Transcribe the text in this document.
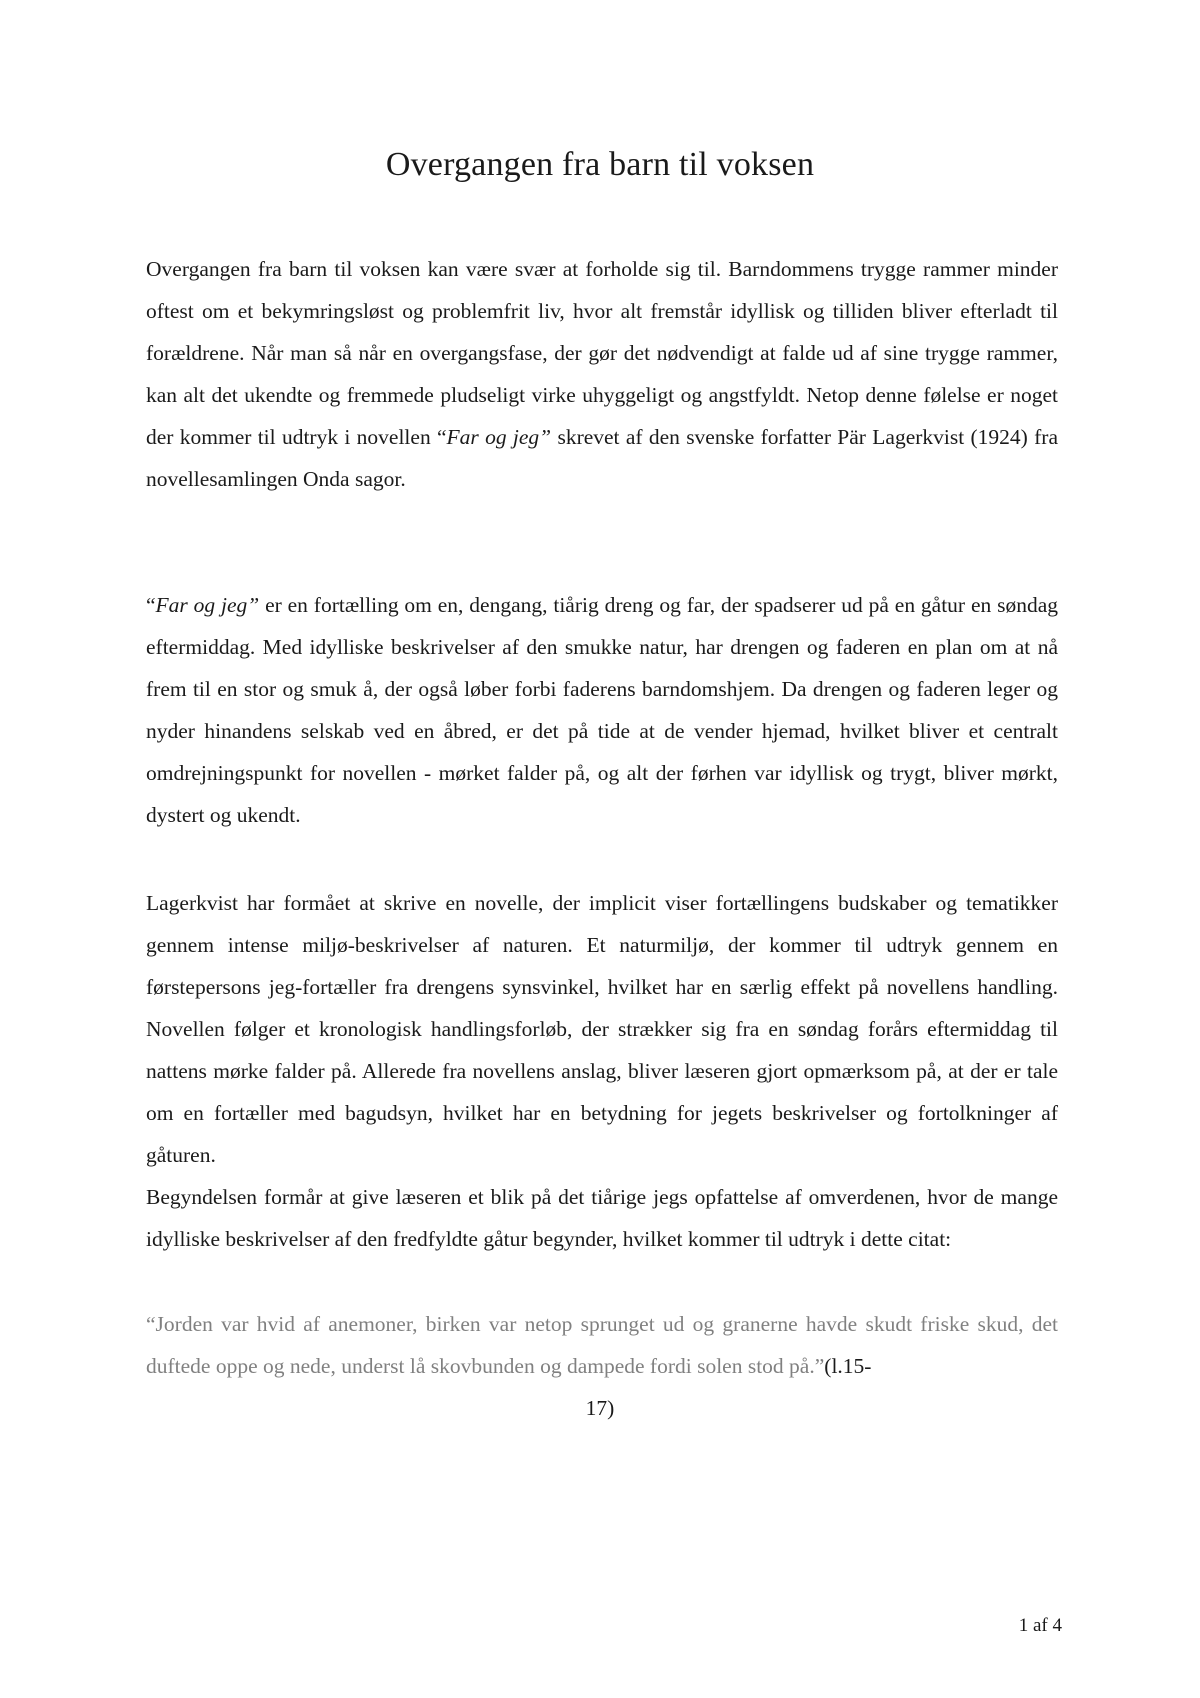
Overgangen fra barn til voksen

Overgangen fra barn til voksen kan være svær at forholde sig til. Barndommens trygge rammer minder oftest om et bekymringsløst og problemfrit liv, hvor alt fremstår idyllisk og tilliden bliver efterladt til forældrene. Når man så når en overgangsfase, der gør det nødvendigt at falde ud af sine trygge rammer, kan alt det ukendte og fremmede pludseligt virke uhyggeligt og angstfyldt. Netop denne følelse er noget der kommer til udtryk i novellen “Far og jeg” skrevet af den svenske forfatter Pär Lagerkvist (1924) fra novellesamlingen Onda sagor.

“Far og jeg” er en fortælling om en, dengang, tiårig dreng og far, der spadserer ud på en gåtur en søndag eftermiddag. Med idylliske beskrivelser af den smukke natur, har drengen og faderen en plan om at nå frem til en stor og smuk å, der også løber forbi faderens barndomshjem. Da drengen og faderen leger og nyder hinandens selskab ved en åbred, er det på tide at de vender hjemad, hvilket bliver et centralt omdrejningspunkt for novellen - mørket falder på, og alt der førhen var idyllisk og trygt, bliver mørkt, dystert og ukendt.

Lagerkvist har formået at skrive en novelle, der implicit viser fortællingens budskaber og tematikker gennem intense miljø-beskrivelser af naturen. Et naturmiljø, der kommer til udtryk gennem en førstepersons jeg-fortæller fra drengens synsvinkel, hvilket har en særlig effekt på novellens handling. Novellen følger et kronologisk handlingsforløb, der strækker sig fra en søndag forårs eftermiddag til nattens mørke falder på. Allerede fra novellens anslag, bliver læseren gjort opmærksom på, at der er tale om en fortæller med bagudsyn, hvilket har en betydning for jegets beskrivelser og fortolkninger af gåturen.
Begyndelsen formår at give læseren et blik på det tiårige jegs opfattelse af omverdenen, hvor de mange idylliske beskrivelser af den fredfyldte gåtur begynder, hvilket kommer til udtryk i dette citat:

“Jorden var hvid af anemoner, birken var netop sprunget ud og granerne havde skudt friske skud, det duftede oppe og nede, underst lå skovbunden og dampede fordi solen stod på.”(l.15-

17)

1 af 4
